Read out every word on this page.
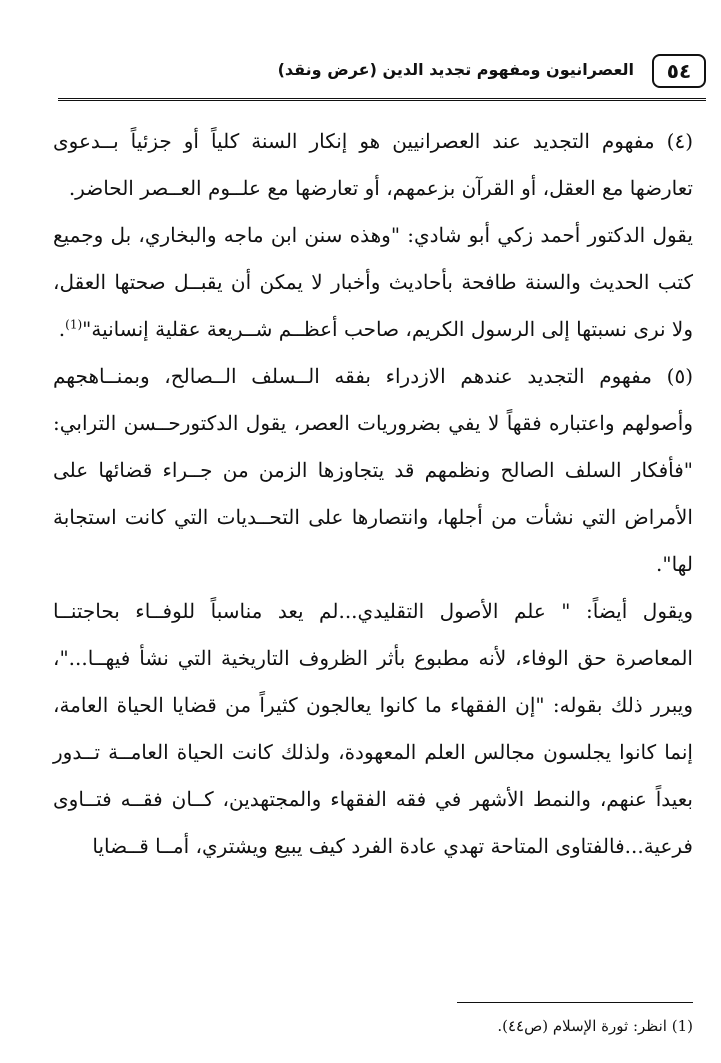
٥٤
العصرانيون ومفهوم تجديد الدين (عرض ونقد)

(٤) مفهوم التجديد عند العصرانيين هو إنكار السنة كلياً أو جزئياً بــدعوى تعارضها مع العقل، أو القرآن بزعمهم، أو تعارضها مع علــوم العــصر الحاضر.

يقول الدكتور أحمد زكي أبو شادي: "وهذه سنن ابن ماجه والبخاري، بل وجميع كتب الحديث والسنة طافحة بأحاديث وأخبار لا يمكن أن يقبــل صحتها العقل، ولا نرى نسبتها إلى الرسول الكريم، صاحب أعظــم شــريعة عقلية إنسانية"$^{(1)}$.

(٥) مفهوم التجديد عندهم الازدراء بفقه الــسلف الــصالح، وبمنــاهجهم وأصولهم واعتباره فقهاً لا يفي بضروريات العصر، يقول الدكتورحــسن الترابي: "فأفكار السلف الصالح ونظمهم قد يتجاوزها الزمن من جــراء قضائها على الأمراض التي نشأت من أجلها، وانتصارها على التحــديات التي كانت استجابة لها".

ويقول أيضاً: " علم الأصول التقليدي...لم يعد مناسباً للوفــاء بحاجتنــا المعاصرة حق الوفاء، لأنه مطبوع بأثر الظروف التاريخية التي نشأ فيهــا..."، ويبرر ذلك بقوله: "إن الفقهاء ما كانوا يعالجون كثيراً من قضايا الحياة العامة، إنما كانوا يجلسون مجالس العلم المعهودة، ولذلك كانت الحياة العامــة تــدور بعيداً عنهم، والنمط الأشهر في فقه الفقهاء والمجتهدين، كــان فقــه فتــاوى فرعية...فالفتاوى المتاحة تهدي عادة الفرد كيف يبيع ويشتري، أمــا قــضايا

(1) انظر: ثورة الإسلام (ص٤٤).
